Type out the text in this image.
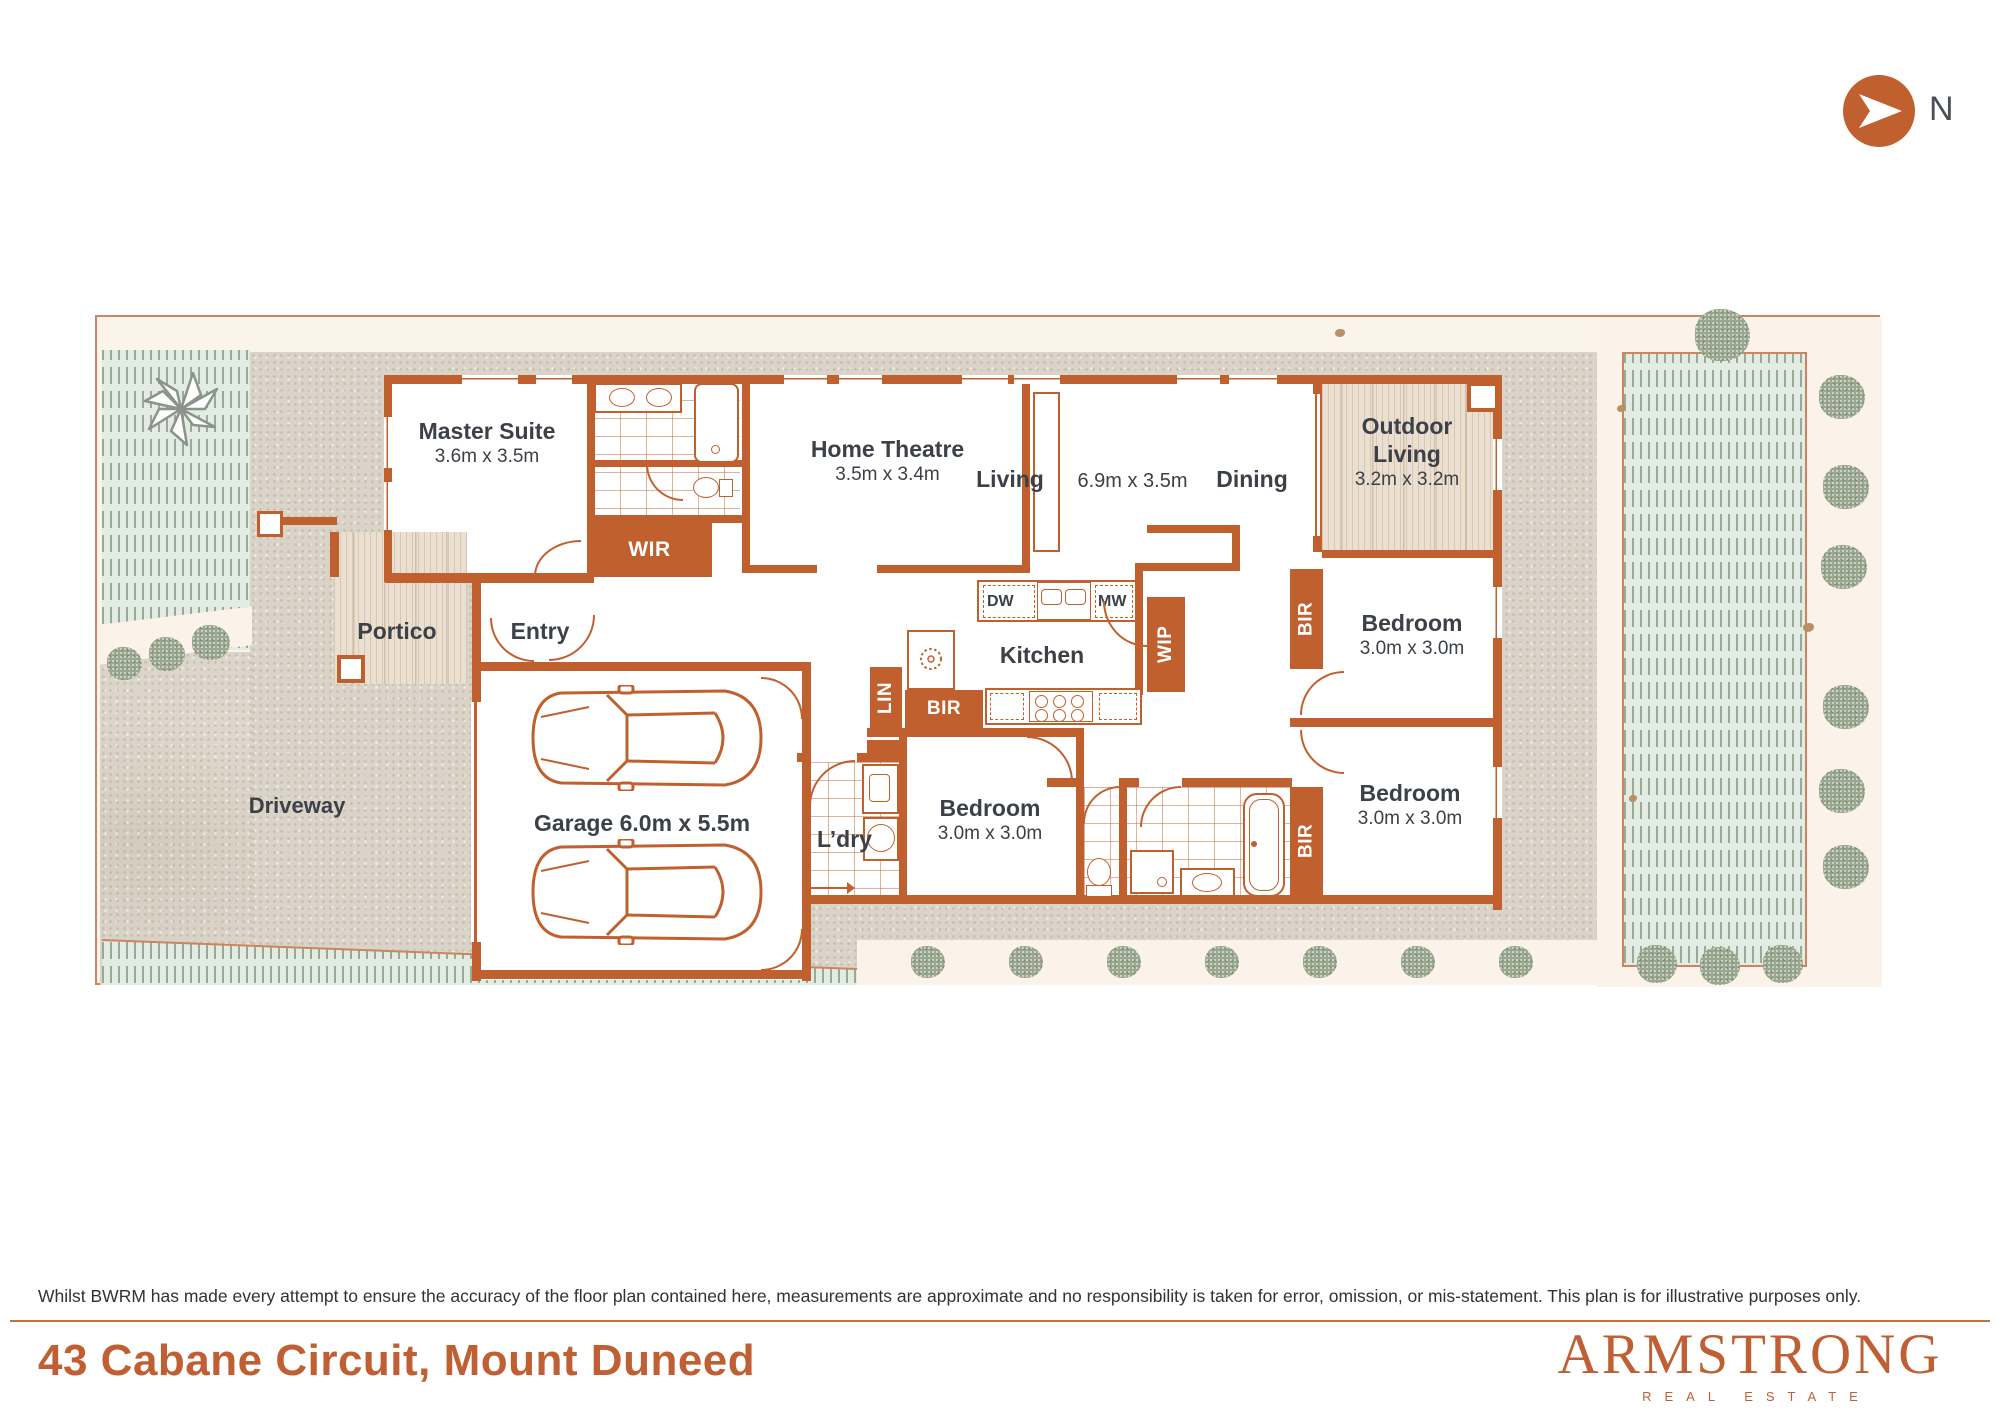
N
WIR
BIR
BIR
WIP
LIN	BIR
DW	MW
Master Suite
3.6m x 3.5m	Home Theatre
3.5m x 3.4m	Living	6.9m x 3.5m	Dining
Outdoor Living
3.2m x 3.2m
Bedroom
3.0m x 3.0m
Bedroom
3.0m x 3.0m
Bedroom
3.0m x 3.0m
Kitchen
Garage 6.0m x 5.5m
L’dry
Entry
Portico
Driveway
Whilst BWRM has made every attempt to ensure the accuracy of the floor plan contained here, measurements are approximate and no responsibility is taken for error, omission, or mis-statement. This plan is for illustrative purposes only.
43 Cabane Circuit, Mount Duneed	ARMSTRONG
REAL ESTATE
